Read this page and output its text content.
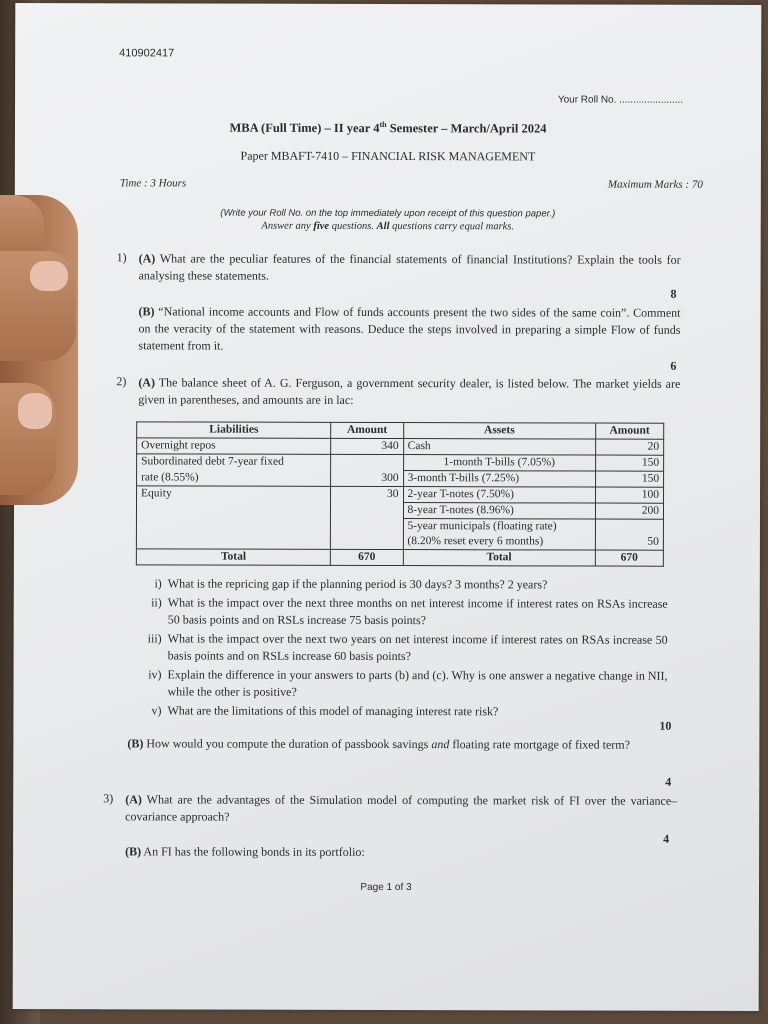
410902417
Your Roll No. .......................
MBA (Full Time) – II year 4th Semester – March/April 2024
Paper MBAFT-7410 – FINANCIAL RISK MANAGEMENT
Time : 3 Hours	Maximum Marks : 70
(Write your Roll No. on the top immediately upon receipt of this question paper.)
Answer any five questions. All questions carry equal marks.
1) (A) What are the peculiar features of the financial statements of financial Institutions? Explain the tools for analysing these statements.
8
(B) “National income accounts and Flow of funds accounts present the two sides of the same coin”. Comment on the veracity of the statement with reasons. Deduce the steps involved in preparing a simple Flow of funds statement from it.
6
2) (A) The balance sheet of A. G. Ferguson, a government security dealer, is listed below. The market yields are given in parentheses, and amounts are in lac:
Liabilities	Amount	Assets	Amount
Overnight repos	340	Cash	20
Subordinated debt 7-year fixed		1-month T-bills (7.05%)	150
rate (8.55%)	300	3-month T-bills (7.25%)	150
Equity	30	2-year T-notes (7.50%)	100
		8-year T-notes (8.96%)	200
		5-year municipals (floating rate)	
		(8.20% reset every 6 months)	50
Total	670	Total	670
i) What is the repricing gap if the planning period is 30 days? 3 months? 2 years?
ii) What is the impact over the next three months on net interest income if interest rates on RSAs increase 50 basis points and on RSLs increase 75 basis points?
iii) What is the impact over the next two years on net interest income if interest rates on RSAs increase 50 basis points and on RSLs increase 60 basis points?
iv) Explain the difference in your answers to parts (b) and (c). Why is one answer a negative change in NII, while the other is positive?
v) What are the limitations of this model of managing interest rate risk?
10
(B) How would you compute the duration of passbook savings and floating rate mortgage of fixed term?
4
3) (A) What are the advantages of the Simulation model of computing the market risk of FI over the variance–covariance approach?
4
(B) An FI has the following bonds in its portfolio:
Page 1 of 3
